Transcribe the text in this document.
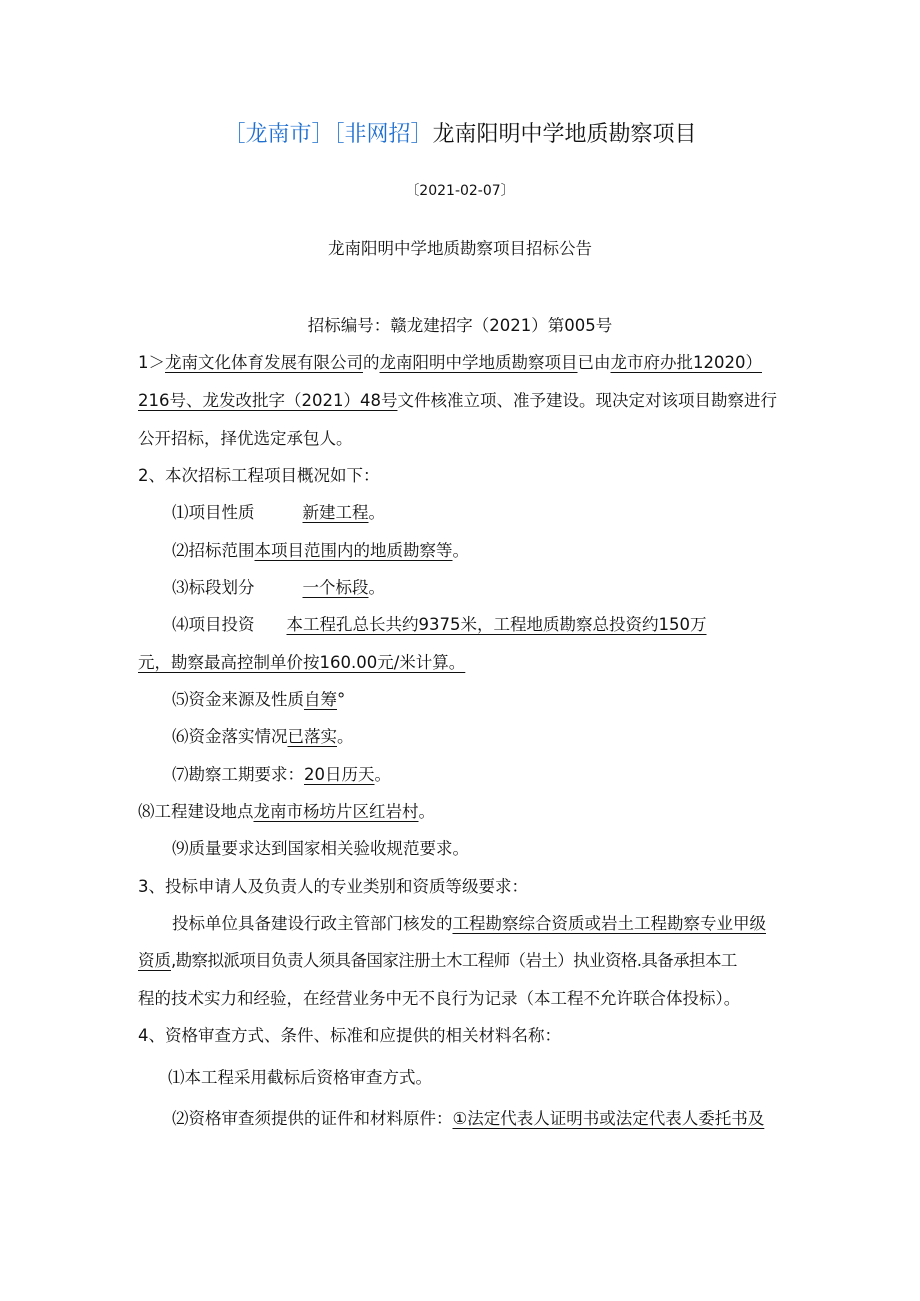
［龙南市］［非网招］龙南阳明中学地质勘察项目
〔2021-02-07〕
龙南阳明中学地质勘察项目招标公告
招标编号：赣龙建招字（2021）第005号
1＞龙南文化体育发展有限公司的龙南阳明中学地质勘察项目已由龙市府办批12020）
216号、龙发改批字（2021）48号文件核准立项、准予建设。现决定对该项目勘察进行
公开招标，择优选定承包人。
2、本次招标工程项目概况如下：
⑴项目性质	新建工程。
⑵招标范围本项目范围内的地质勘察等。
⑶标段划分	一个标段。
⑷项目投资 本工程孔总长共约9375米，工程地质勘察总投资约150万
元，勘察最高控制单价按160.00元/米计算。
⑸资金来源及性质自筹°
⑹资金落实情况已落实。
⑺勘察工期要求：20日历天。
⑻工程建设地点龙南市杨坊片区红岩村。
⑼质量要求达到国家相关验收规范要求。
3、投标申请人及负责人的专业类别和资质等级要求：
投标单位具备建设行政主管部门核发的工程勘察综合资质或岩土工程勘察专业甲级
资质,勘察拟派项目负责人须具备国家注册土木工程师（岩土）执业资格.具备承担本工
程的技术实力和经验，在经营业务中无不良行为记录（本工程不允许联合体投标）。
4、资格审查方式、条件、标准和应提供的相关材料名称：
⑴本工程采用截标后资格审查方式。
⑵资格审查须提供的证件和材料原件：①法定代表人证明书或法定代表人委托书及
